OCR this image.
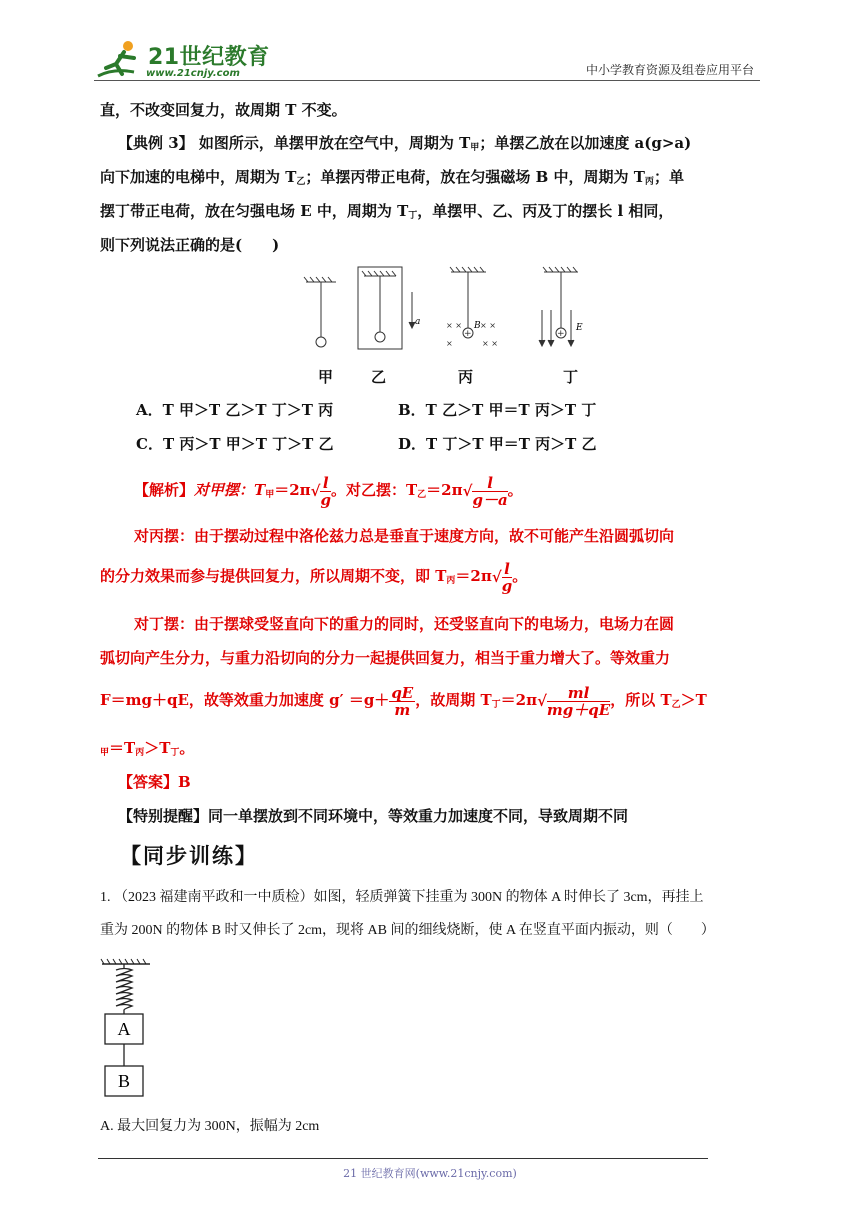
21世纪教育
www.21cnjy.com	中小学教育资源及组卷应用平台
直，不改变回复力，故周期 T 不变。
【典例 3】 如图所示，单摆甲放在空气中，周期为 $T_甲$；单摆乙放在以加速度 a(g>a)
向下加速的电梯中，周期为 $T_乙$；单摆丙带正电荷，放在匀强磁场 B 中，周期为 $T_丙$；单
摆丁带正电荷，放在匀强电场 E 中，周期为 $T_丁$，单摆甲、乙、丙及丁的摆长 l 相同，
则下列说法正确的是(　　)
× × × ×
×	× ×
+	+
a	B	E
甲	乙	丙	丁
A．T 甲＞T 乙＞T 丁＞T 丙	B．T 乙＞T 甲＝T 丙＞T 丁
C．T 丙＞T 甲＞T 丁＞T 乙	D．T 丁＞T 甲＝T 丙＞T 乙
【解析】对甲摆：$T_甲=2\pi√ \frac{l}{g}$ 。对乙摆：$T_乙=2\pi√ \frac{l}{g-a}$ 。
对丙摆：由于摆动过程中洛伦兹力总是垂直于速度方向，故不可能产生沿圆弧切向
的分力效果而参与提供回复力，所以周期不变，即 $T_丙=2\pi√ \frac{l}{g}$ 。
对丁摆：由于摆球受竖直向下的重力的同时，还受竖直向下的电场力，电场力在圆
弧切向产生分力，与重力沿切向的分力一起提供回复力，相当于重力增大了。等效重力
F＝mg＋qE，故等效重力加速度 $g' =g+ \frac{qE}{m}$ ，故周期 $T_丁=2\pi√ \frac{ml}{mg+qE}$ ，所以 $T_乙>T$
$_甲=T_丙>T_丁$。
【答案】B
【特别提醒】同一单摆放到不同环境中，等效重力加速度不同，导致周期不同
【同步训练】
1. （2023 福建南平政和一中质检）如图，轻质弹簧下挂重为 300N 的物体 A 时伸长了 3cm，再挂上
重为 200N 的物体 B 时又伸长了 2cm，现将 AB 间的细线烧断，使 A 在竖直平面内振动，则（　　）
A
B
A. 最大回复力为 300N，振幅为 2cm
21 世纪教育网(www.21cnjy.com)
